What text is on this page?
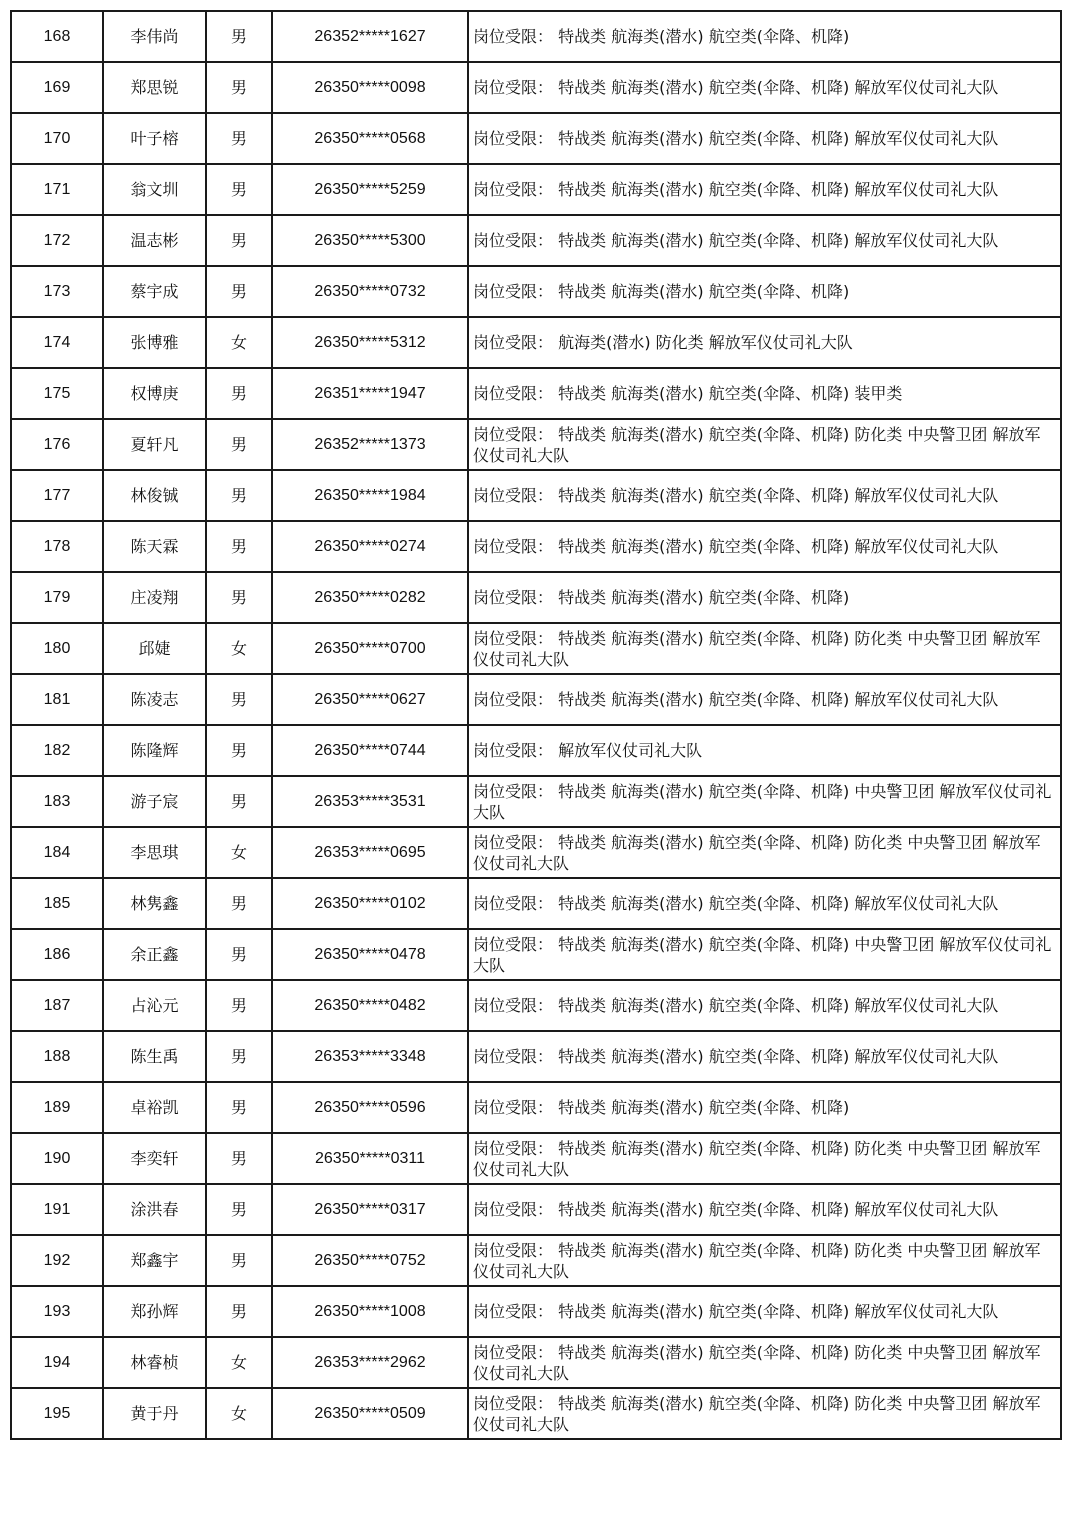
168	李伟尚	男	26352*****1627	岗位受限： 特战类 航海类(潜水) 航空类(伞降、机降)
169	郑思锐	男	26350*****0098	岗位受限： 特战类 航海类(潜水) 航空类(伞降、机降) 解放军仪仗司礼大队
170	叶子榕	男	26350*****0568	岗位受限： 特战类 航海类(潜水) 航空类(伞降、机降) 解放军仪仗司礼大队
171	翁文圳	男	26350*****5259	岗位受限： 特战类 航海类(潜水) 航空类(伞降、机降) 解放军仪仗司礼大队
172	温志彬	男	26350*****5300	岗位受限： 特战类 航海类(潜水) 航空类(伞降、机降) 解放军仪仗司礼大队
173	蔡宇成	男	26350*****0732	岗位受限： 特战类 航海类(潜水) 航空类(伞降、机降)
174	张博雅	女	26350*****5312	岗位受限： 航海类(潜水) 防化类 解放军仪仗司礼大队
175	权博庚	男	26351*****1947	岗位受限： 特战类 航海类(潜水) 航空类(伞降、机降) 装甲类
176	夏轩凡	男	26352*****1373	岗位受限： 特战类 航海类(潜水) 航空类(伞降、机降) 防化类 中央警卫团 解放军仪仗司礼大队
177	林俊铖	男	26350*****1984	岗位受限： 特战类 航海类(潜水) 航空类(伞降、机降) 解放军仪仗司礼大队
178	陈天霖	男	26350*****0274	岗位受限： 特战类 航海类(潜水) 航空类(伞降、机降) 解放军仪仗司礼大队
179	庄凌翔	男	26350*****0282	岗位受限： 特战类 航海类(潜水) 航空类(伞降、机降)
180	邱婕	女	26350*****0700	岗位受限： 特战类 航海类(潜水) 航空类(伞降、机降) 防化类 中央警卫团 解放军仪仗司礼大队
181	陈凌志	男	26350*****0627	岗位受限： 特战类 航海类(潜水) 航空类(伞降、机降) 解放军仪仗司礼大队
182	陈隆辉	男	26350*****0744	岗位受限： 解放军仪仗司礼大队
183	游子宸	男	26353*****3531	岗位受限： 特战类 航海类(潜水) 航空类(伞降、机降) 中央警卫团 解放军仪仗司礼大队
184	李思琪	女	26353*****0695	岗位受限： 特战类 航海类(潜水) 航空类(伞降、机降) 防化类 中央警卫团 解放军仪仗司礼大队
185	林隽鑫	男	26350*****0102	岗位受限： 特战类 航海类(潜水) 航空类(伞降、机降) 解放军仪仗司礼大队
186	余正鑫	男	26350*****0478	岗位受限： 特战类 航海类(潜水) 航空类(伞降、机降) 中央警卫团 解放军仪仗司礼大队
187	占沁元	男	26350*****0482	岗位受限： 特战类 航海类(潜水) 航空类(伞降、机降) 解放军仪仗司礼大队
188	陈生禹	男	26353*****3348	岗位受限： 特战类 航海类(潜水) 航空类(伞降、机降) 解放军仪仗司礼大队
189	卓裕凯	男	26350*****0596	岗位受限： 特战类 航海类(潜水) 航空类(伞降、机降)
190	李奕轩	男	26350*****0311	岗位受限： 特战类 航海类(潜水) 航空类(伞降、机降) 防化类 中央警卫团 解放军仪仗司礼大队
191	涂洪春	男	26350*****0317	岗位受限： 特战类 航海类(潜水) 航空类(伞降、机降) 解放军仪仗司礼大队
192	郑鑫宇	男	26350*****0752	岗位受限： 特战类 航海类(潜水) 航空类(伞降、机降) 防化类 中央警卫团 解放军仪仗司礼大队
193	郑孙辉	男	26350*****1008	岗位受限： 特战类 航海类(潜水) 航空类(伞降、机降) 解放军仪仗司礼大队
194	林睿桢	女	26353*****2962	岗位受限： 特战类 航海类(潜水) 航空类(伞降、机降) 防化类 中央警卫团 解放军仪仗司礼大队
195	黄于丹	女	26350*****0509	岗位受限： 特战类 航海类(潜水) 航空类(伞降、机降) 防化类 中央警卫团 解放军仪仗司礼大队
